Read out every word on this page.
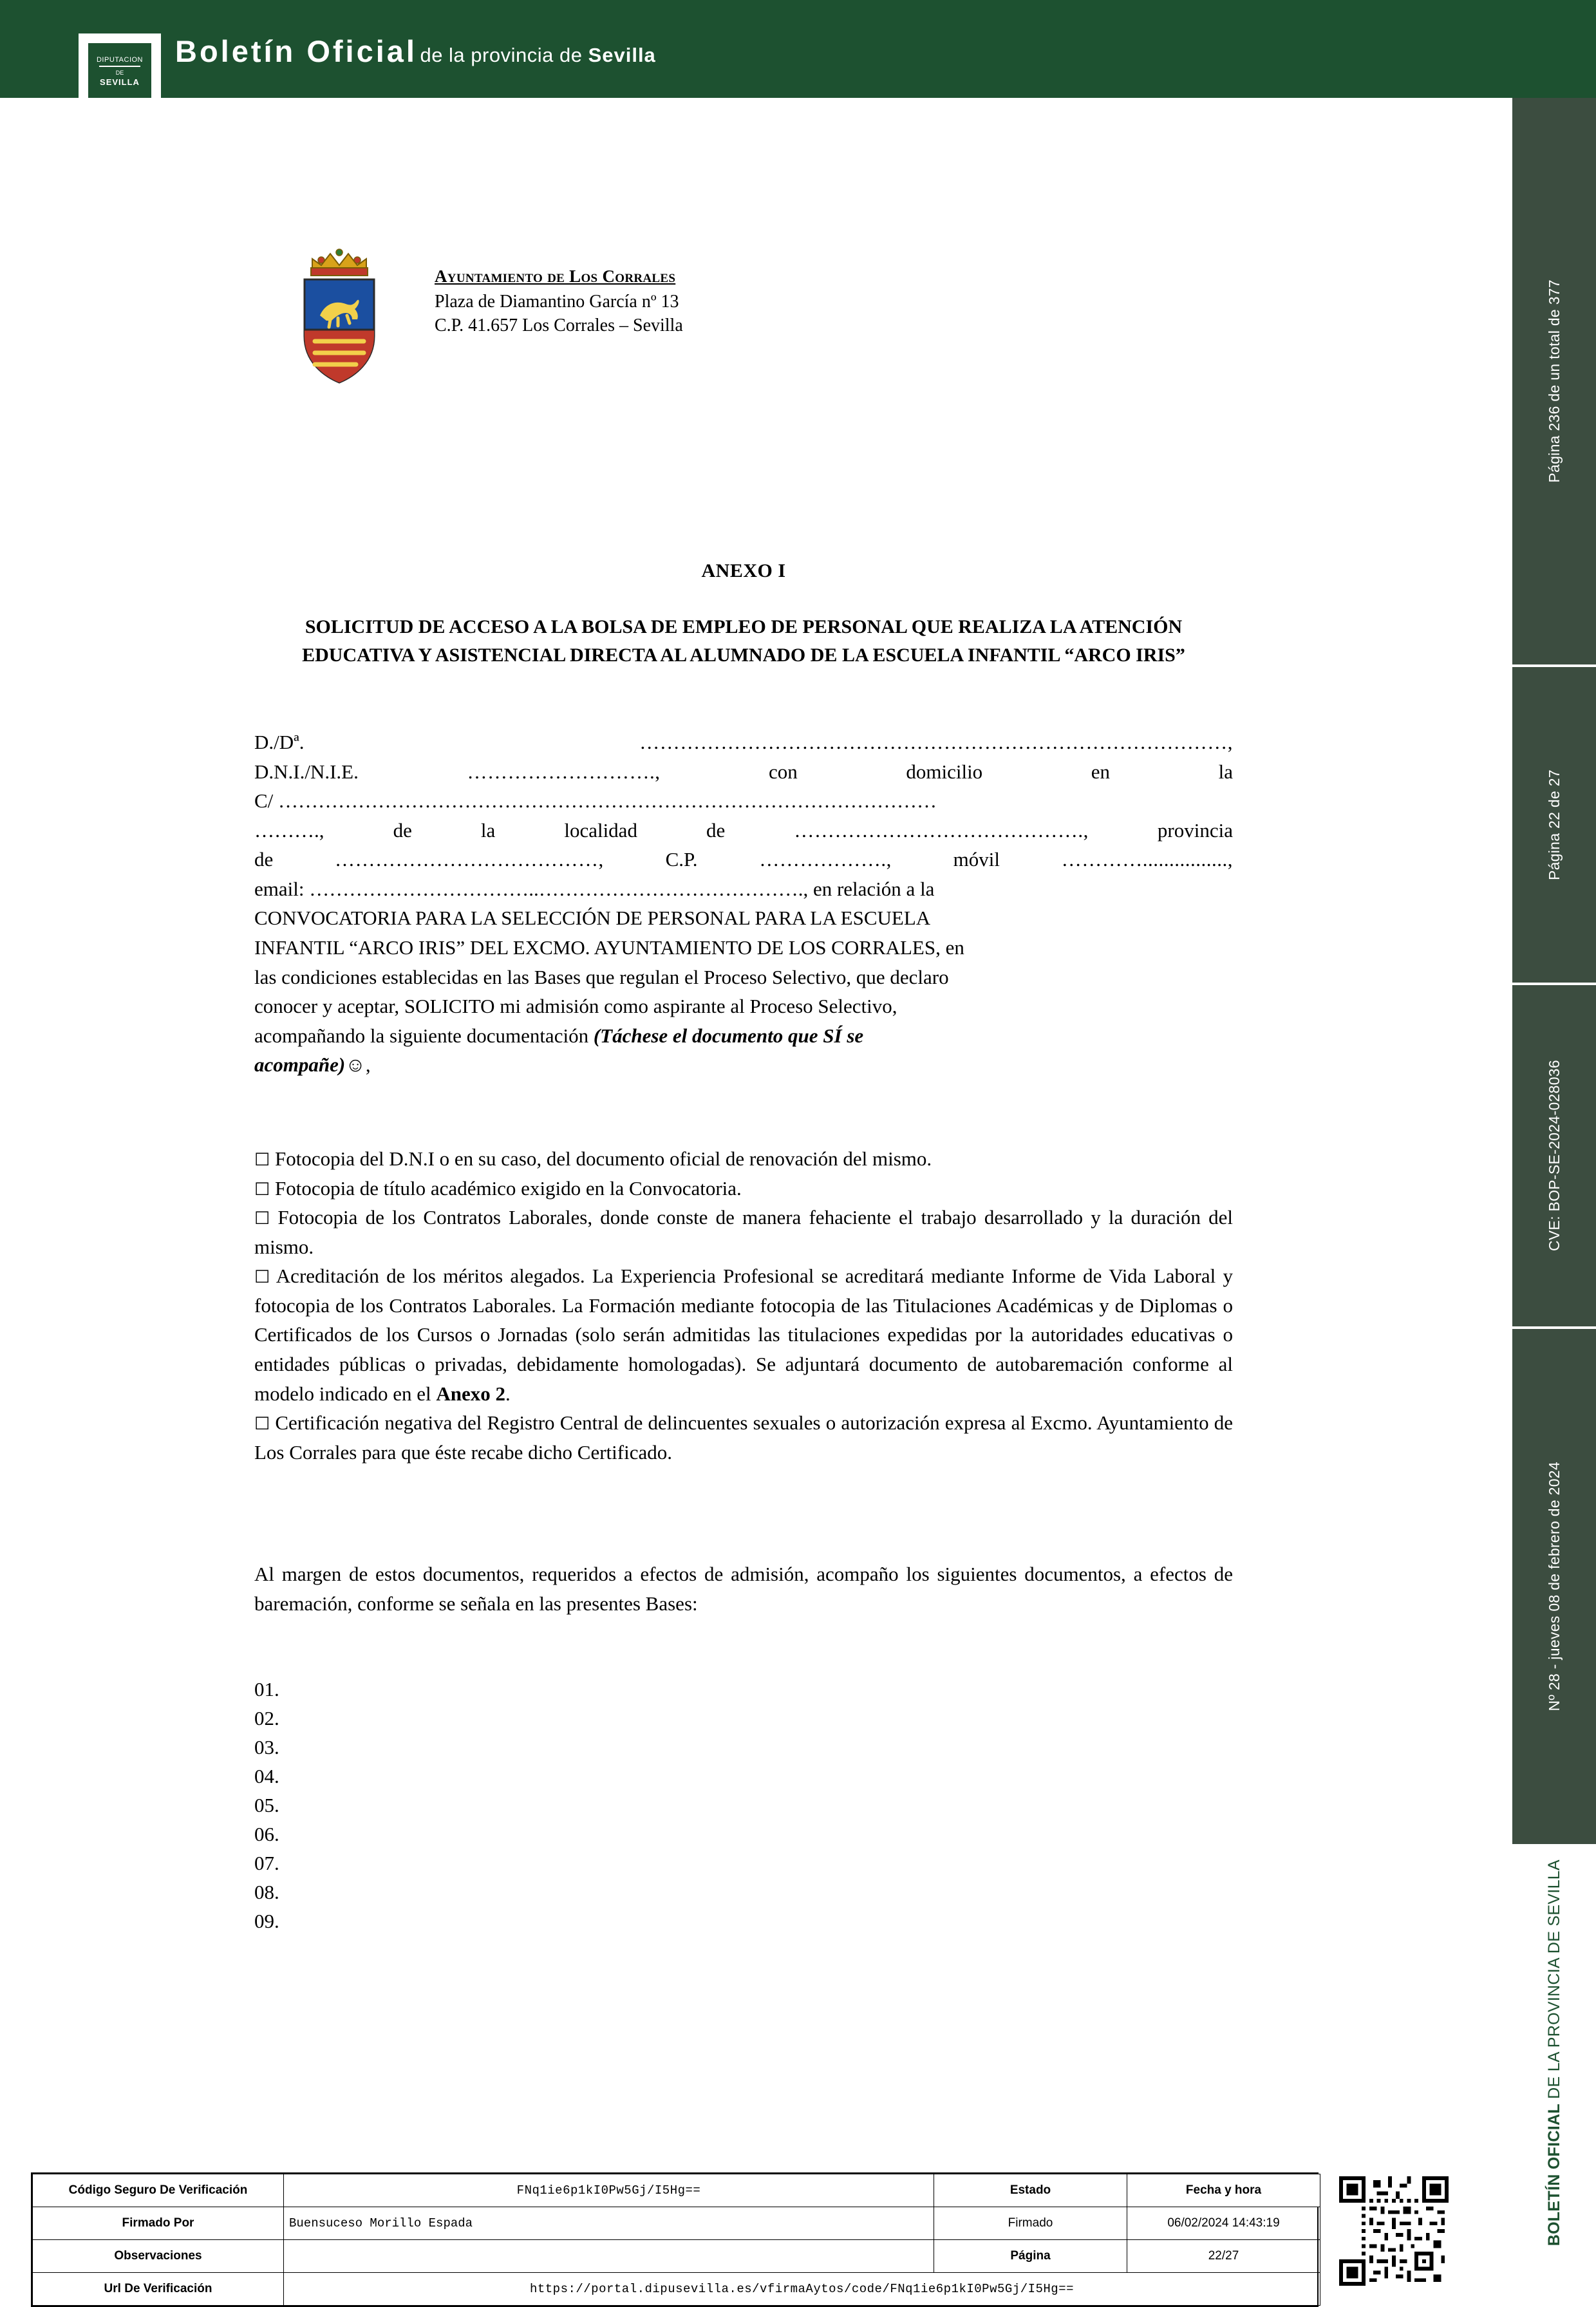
DIPUTACION
DE
SEVILLA
Boletín Oficial de la provincia de Sevilla
Página 236 de un total de 377
Página 22 de 27
CVE: BOP-SE-2024-028036
Nº 28 - jueves 08 de febrero de 2024
BOLETÍN OFICIAL DE LA PROVINCIA DE SEVILLA
Ayuntamiento de Los Corrales
Plaza de Diamantino García nº 13
C.P. 41.657 Los Corrales – Sevilla
ANEXO I
SOLICITUD DE ACCESO A LA BOLSA DE EMPLEO DE PERSONAL QUE REALIZA LA ATENCIÓN EDUCATIVA Y ASISTENCIAL DIRECTA AL ALUMNADO DE LA ESCUELA INFANTIL “ARCO IRIS”
D./Dª.	……………………………………………………………………………,
D.N.I./N.I.E.	……………………….,	con	domicilio	en	la
C/ ………………………………………………………………………………………
……….,	de	la	localidad	de	…………………………………….,	provincia
de	…………………………………,	C.P.	……………….,	móvil	…………................,
email: ……………………………..…………………………………., en relación a la
CONVOCATORIA PARA LA SELECCIÓN DE PERSONAL PARA LA ESCUELA
INFANTIL “ARCO IRIS” DEL EXCMO. AYUNTAMIENTO DE LOS CORRALES, en
las condiciones establecidas en las Bases que regulan el Proceso Selectivo, que declaro
conocer y aceptar, SOLICITO mi admisión como aspirante al Proceso Selectivo,
acompañando la siguiente documentación (Táchese el documento que SÍ se
acompañe)☺,

☐ Fotocopia del D.N.I o en su caso, del documento oficial de renovación del mismo.

☐ Fotocopia de título académico exigido en la Convocatoria.

☐ Fotocopia de los Contratos Laborales, donde conste de manera fehaciente el trabajo desarrollado y la duración del mismo.

☐ Acreditación de los méritos alegados. La Experiencia Profesional se acreditará mediante Informe de Vida Laboral y fotocopia de los Contratos Laborales. La Formación mediante fotocopia de las Titulaciones Académicas y de Diplomas o Certificados de los Cursos o Jornadas (solo serán admitidas las titulaciones expedidas por la autoridades educativas o entidades públicas o privadas, debidamente homologadas). Se adjuntará documento de autobaremación conforme al modelo indicado en el Anexo 2.

☐ Certificación negativa del Registro Central de delincuentes sexuales o autorización expresa al Excmo. Ayuntamiento de Los Corrales para que éste recabe dicho Certificado.

Al margen de estos documentos, requeridos a efectos de admisión, acompaño los siguientes documentos, a efectos de baremación, conforme se señala en las presentes Bases:
01.
02.
03.
04.
05.
06.
07.
08.
09.
Código Seguro De Verificación	FNq1ie6p1kI0Pw5Gj/I5Hg==	Estado	Fecha y hora
Firmado Por	Buensuceso Morillo Espada	Firmado	06/02/2024 14:43:19
Observaciones		Página	22/27
Url De Verificación	https://portal.dipusevilla.es/vfirmaAytos/code/FNq1ie6p1kI0Pw5Gj/I5Hg==		
